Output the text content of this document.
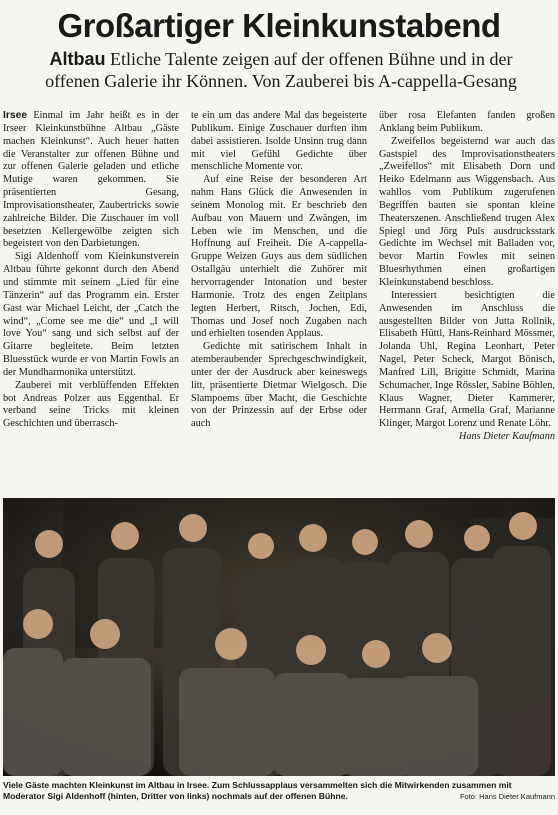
Großartiger Kleinkunstabend
Altbau Etliche Talente zeigen auf der offenen Bühne und in der offenen Galerie ihr Können. Von Zauberei bis A-cappella-Gesang

Irsee Einmal im Jahr heißt es in der Irseer Kleinkunstbühne Altbau „Gäste machen Kleinkunst“. Auch heuer hatten die Veranstalter zur offenen Bühne und zur offenen Galerie geladen und etliche Mutige waren gekommen. Sie präsentierten Gesang, Improvisationstheater, Zaubertricks sowie zahlreiche Bilder. Die Zuschauer im voll besetzten Kellergewölbe zeigten sich begeistert von den Darbietungen.

Sigi Aldenhoff vom Kleinkunstverein Altbau führte gekonnt durch den Abend und stimmte mit seinem „Lied für eine Tänzerin“ auf das Programm ein. Erster Gast war Michael Leicht, der „Catch the wind“, „Come see me die“ und „I will love You“ sang und sich selbst auf der Gitarre begleitete. Beim letzten Bluesstück wurde er von Martin Fowls an der Mundharmonika unterstützt.

Zauberei mit verblüffenden Effekten bot Andreas Polzer aus Eggenthal. Er verband seine Tricks mit kleinen Geschichten und überrasch-

te ein um das andere Mal das begeisterte Publikum. Einige Zuschauer durften ihm dabei assistieren. Isolde Unsinn trug dann mit viel Gefühl Gedichte über menschliche Momente vor.

Auf eine Reise der besonderen Art nahm Hans Glück die Anwesenden in seinem Monolog mit. Er beschrieb den Aufbau von Mauern und Zwängen, im Leben wie im Menschen, und die Hoffnung auf Freiheit. Die A-cappella-Gruppe Weizen Guys aus dem südlichen Ostallgäu unterhielt die Zuhörer mit hervorragender Intonation und bester Harmonie. Trotz des engen Zeitplans legten Herbert, Ritsch, Jochen, Edi, Thomas und Josef noch Zugaben nach und erhielten tosenden Applaus.

Gedichte mit satirischem Inhalt in atemberaubender Sprechgeschwindigkeit, unter der der Ausdruck aber keineswegs litt, präsentierte Dietmar Wielgosch. Die Slampoems über Macht, die Geschichte von der Prinzessin auf der Erbse oder auch

über rosa Elefanten fanden großen Anklang beim Publikum.

Zweifellos begeisternd war auch das Gastspiel des Improvisationstheaters „Zweifellos“ mit Elisabeth Dorn und Heiko Edelmann aus Wiggensbach. Aus wahllos vom Publikum zugerufenen Begriffen bauten sie spontan kleine Theaterszenen. Anschließend trugen Alex Spiegl und Jörg Puls ausdrucksstark Gedichte im Wechsel mit Balladen vor, bevor Martin Fowles mit seinen Bluesrhythmen einen großartigen Kleinkunstabend beschloss.

Interessiert besichtigten die Anwesenden im Anschluss die ausgestellten Bilder von Jutta Rollnik, Elisabeth Hüttl, Hans-Reinhard Mössmer, Jolanda Uhl, Regina Leonhart, Peter Nagel, Peter Scheck, Margot Bönisch, Manfred Lill, Brigitte Schmidt, Marina Schumacher, Inge Rössler, Sabine Böhlen, Klaus Wagner, Dieter Kammerer, Herrmann Graf, Armella Graf, Marianne Klinger, Margot Lorenz und Renate Löhr.
Hans Dieter Kaufmann

Viele Gäste machten Kleinkunst im Altbau in Irsee. Zum Schlussapplaus versammelten sich die Mitwirkenden zusammen mit Moderator Sigi Aldenhoff (hinten, Dritter von links) nochmals auf der offenen Bühne.	Foto: Hans Dieter Kaufmann
